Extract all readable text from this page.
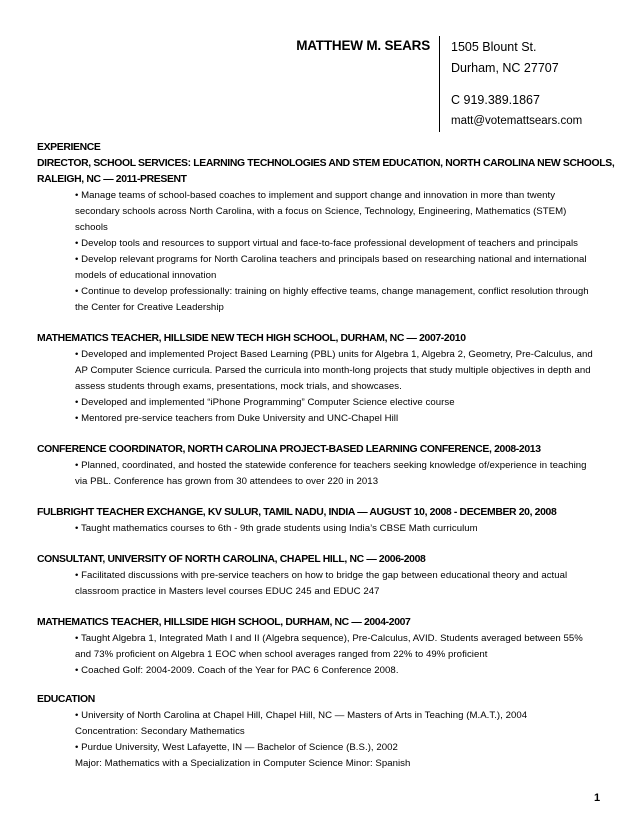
MATTHEW M. SEARS 1505 Blount St.
Durham, NC 27707
C 919.389.1867
matt@votemattsears.com
EXPERIENCE
DIRECTOR, SCHOOL SERVICES: LEARNING TECHNOLOGIES AND STEM EDUCATION, NORTH CAROLINA NEW SCHOOLS, RALEIGH, NC — 2011-PRESENT
• Manage teams of school-based coaches to implement and support change and innovation in more than twenty secondary schools across North Carolina, with a focus on Science, Technology, Engineering, Mathematics (STEM) schools
• Develop tools and resources to support virtual and face-to-face professional development of teachers and principals
• Develop relevant programs for North Carolina teachers and principals based on researching national and international models of educational innovation
• Continue to develop professionally: training on highly effective teams, change management, conflict resolution through the Center for Creative Leadership
MATHEMATICS TEACHER, HILLSIDE NEW TECH HIGH SCHOOL, DURHAM, NC — 2007-2010
• Developed and implemented Project Based Learning (PBL) units for Algebra 1, Algebra 2, Geometry, Pre-Calculus, and AP Computer Science curricula. Parsed the curricula into month-long projects that study multiple objectives in depth and assess students through exams, presentations, mock trials, and showcases.
• Developed and implemented “iPhone Programming” Computer Science elective course
• Mentored pre-service teachers from Duke University and UNC-Chapel Hill
CONFERENCE COORDINATOR, NORTH CAROLINA PROJECT-BASED LEARNING CONFERENCE, 2008-2013
• Planned, coordinated, and hosted the statewide conference for teachers seeking knowledge of/experience in teaching via PBL. Conference has grown from 30 attendees to over 220 in 2013
FULBRIGHT TEACHER EXCHANGE, KV SULUR, TAMIL NADU, INDIA — AUGUST 10, 2008 - DECEMBER 20, 2008
• Taught mathematics courses to 6th - 9th grade students using India’s CBSE Math curriculum
CONSULTANT, UNIVERSITY OF NORTH CAROLINA, CHAPEL HILL, NC — 2006-2008
• Facilitated discussions with pre-service teachers on how to bridge the gap between educational theory and actual classroom practice in Masters level courses EDUC 245 and EDUC 247
MATHEMATICS TEACHER, HILLSIDE HIGH SCHOOL, DURHAM, NC — 2004-2007
• Taught Algebra 1, Integrated Math I and II (Algebra sequence), Pre-Calculus, AVID. Students averaged between 55% and 73% proficient on Algebra 1 EOC when school averages ranged from 22% to 49% proficient
• Coached Golf: 2004-2009. Coach of the Year for PAC 6 Conference 2008.
EDUCATION
• University of North Carolina at Chapel Hill, Chapel Hill, NC — Masters of Arts in Teaching (M.A.T.), 2004
Concentration: Secondary Mathematics
• Purdue University, West Lafayette, IN — Bachelor of Science (B.S.), 2002
Major: Mathematics with a Specialization in Computer Science Minor: Spanish
1
